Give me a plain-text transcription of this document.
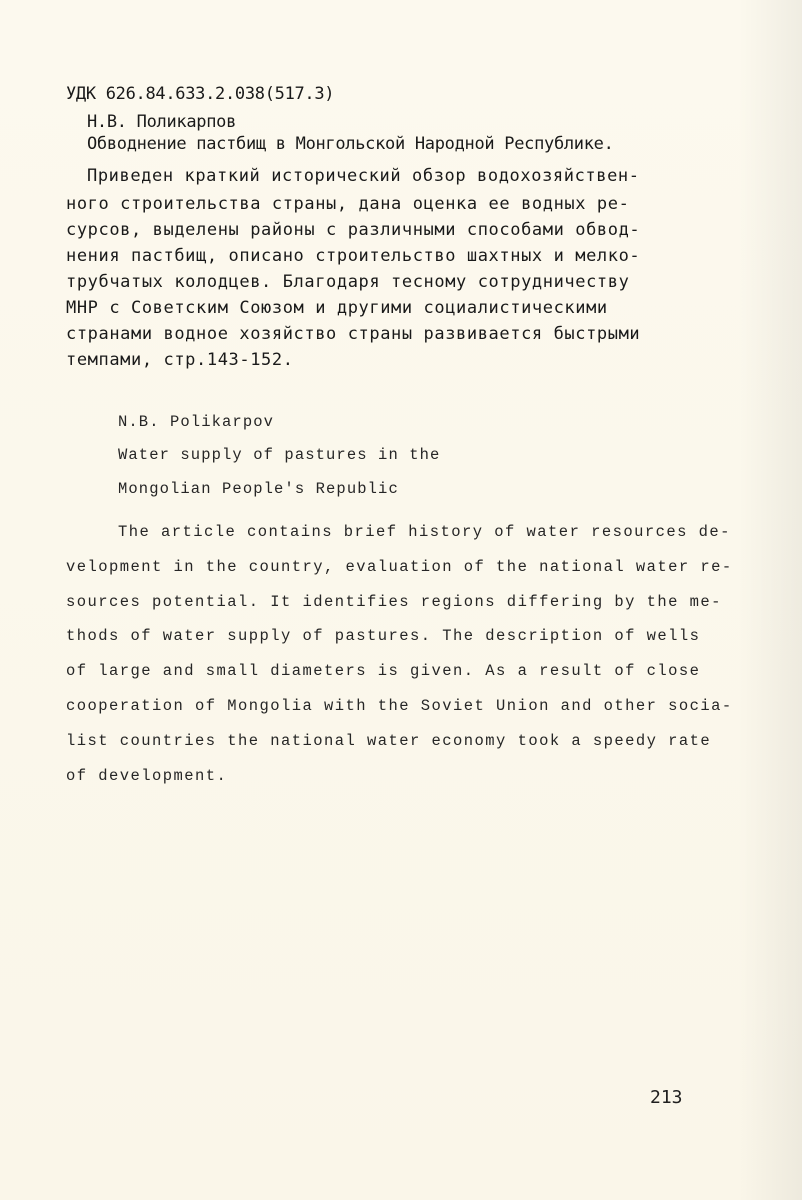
УДК 626.84.633.2.038(517.3)
Н.В. Поликарпов
Обводнение пастбищ в Монгольской Народной Республике.
Приведен краткий исторический обзор водохозяйствен-
ного строительства страны, дана оценка ее водных ре-
сурсов, выделены районы с различными способами обвод-
нения пастбищ, описано строительство шахтных и мелко-
трубчатых колодцев. Благодаря тесному сотрудничеству
МНР с Советским Союзом и другими социалистическими
странами водное хозяйство страны развивается быстрыми
темпами, стр.143-152.
N.B. Polikarpov
Water supply of pastures in the
Mongolian People's Republic
The article contains brief history of water resources de-
velopment in the country, evaluation of the national water re-
sources potential. It identifies regions differing by the me-
thods of water supply of pastures. The description of wells
of large and small diameters is given. As a result of close
cooperation of Mongolia with the Soviet Union and other socia-
list countries the national water economy took a speedy rate
of development.
213
